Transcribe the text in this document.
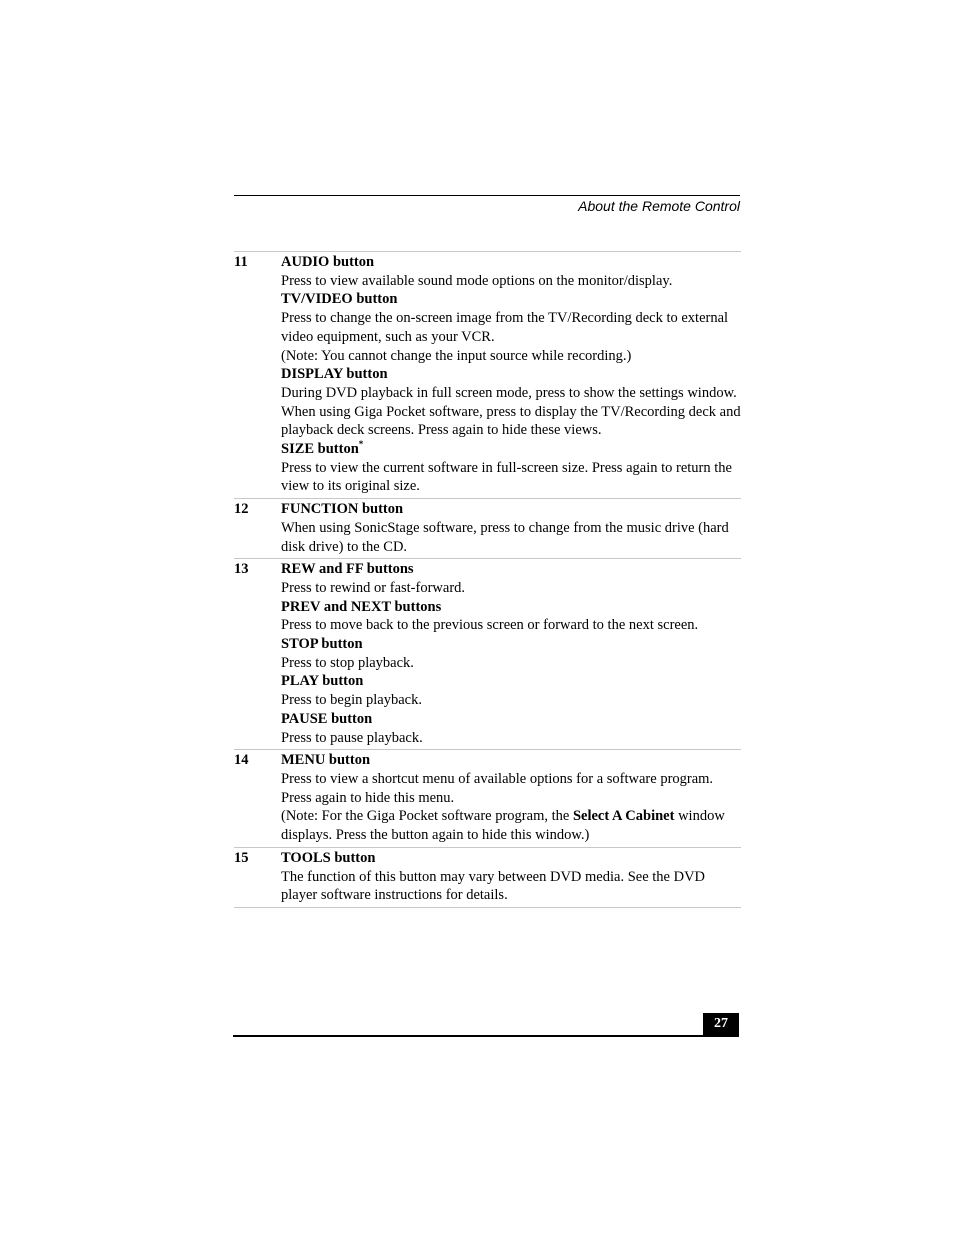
About the Remote Control
11	AUDIO button

Press to view available sound mode options on the monitor/display.

TV/VIDEO button

Press to change the on-screen image from the TV/Recording deck to external video equipment, such as your VCR.

(Note: You cannot change the input source while recording.)

DISPLAY button

During DVD playback in full screen mode, press to show the settings window. When using Giga Pocket software, press to display the TV/Recording deck and playback deck screens. Press again to hide these views.

SIZE button*

Press to view the current software in full-screen size. Press again to return the view to its original size.

12	FUNCTION button

When using SonicStage software, press to change from the music drive (hard disk drive) to the CD.

13	REW and FF buttons

Press to rewind or fast-forward.

PREV and NEXT buttons

Press to move back to the previous screen or forward to the next screen.

STOP button

Press to stop playback.

PLAY button

Press to begin playback.

PAUSE button

Press to pause playback.

14	MENU button

Press to view a shortcut menu of available options for a software program. Press again to hide this menu.

(Note: For the Giga Pocket software program, the Select A Cabinet window displays. Press the button again to hide this window.)

15	TOOLS button

The function of this button may vary between DVD media. See the DVD player software instructions for details.

27
